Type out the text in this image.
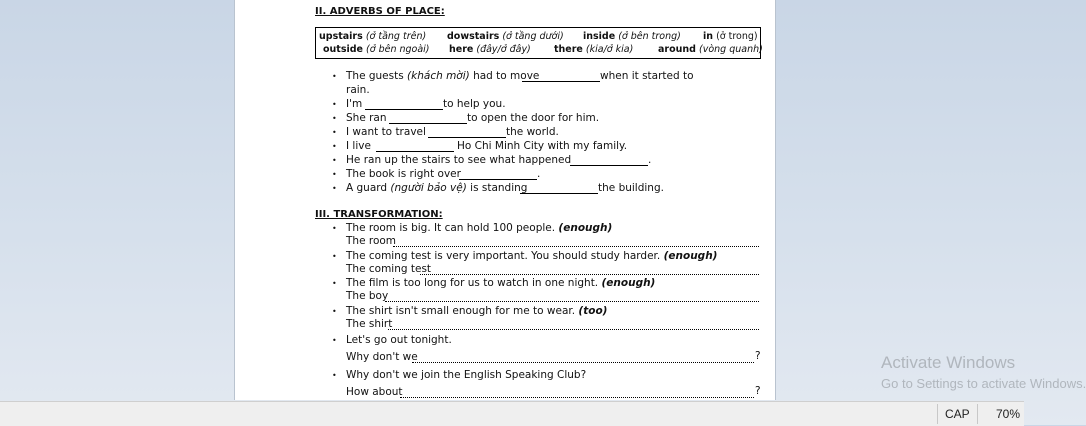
II. ADVERBS OF PLACE:
upstairs (ở tầng trên) dowstairs (ở tầng dưới) inside (ở bên trong) in (ở trong)
outside (ở bên ngoài) here (đây/ở đây) there (kia/ở kia)	around (vòng quanh)
• The guests (khách mời) had to move	when it started to
rain.
• I'm	to help you.
• She ran	to open the door for him.
• I want to travel	the world.
• I live	Ho Chi Minh City with my family.
• He ran up the stairs to see what happened	.
• The book is right over	.
• A guard (người bảo vệ) is standing	the building.
III. TRANSFORMATION:
• The room is big. It can hold 100 people. (enough)
The room
• The coming test is very important. You should study harder. (enough)
The coming test
• The film is too long for us to watch in one night. (enough)
The boy
• The shirt isn't small enough for me to wear. (too)
The shirt
• Let's go out tonight.
Why don't we	?
• Why don't we join the English Speaking Club?
How about	?
Activate Windows
Go to Settings to activate Windows.
CAP 70%
